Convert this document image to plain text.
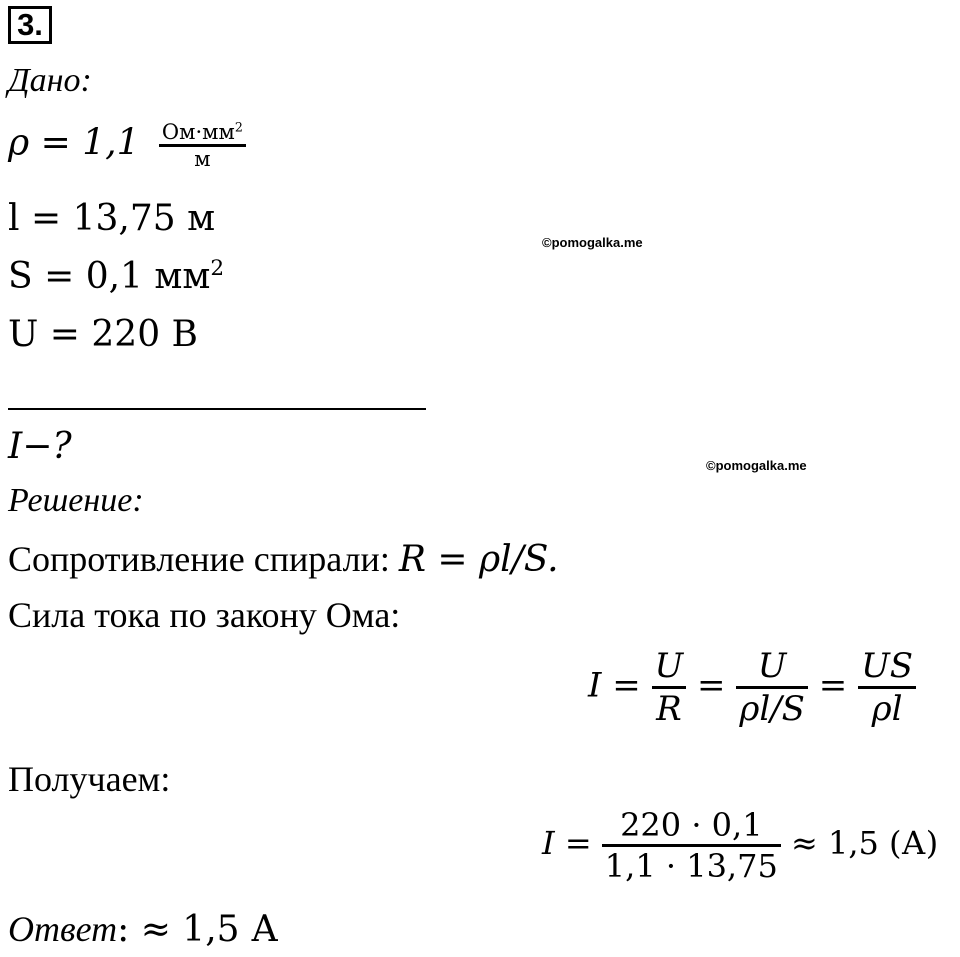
3.
Дано:
$\rho = 1,1 \frac{Ом\cdot мм^2}{м}$
l = 13,75 м
S = 0,1 $мм^2$
U = 220 В
©pomogalka.me
I−?	©pomogalka.me
Решение:
Сопротивление спирали: R = ρl/S.
Сила тока по закону Ома:
$I = \frac{U}{R} = \frac{U}{\rho l/S} = \frac{US}{\rho l}$
Получаем:
$I = \frac{220 \cdot 0,1}{1,1 \cdot 13,75} \approx 1,5$ (А)
Ответ: ≈ 1,5 А
